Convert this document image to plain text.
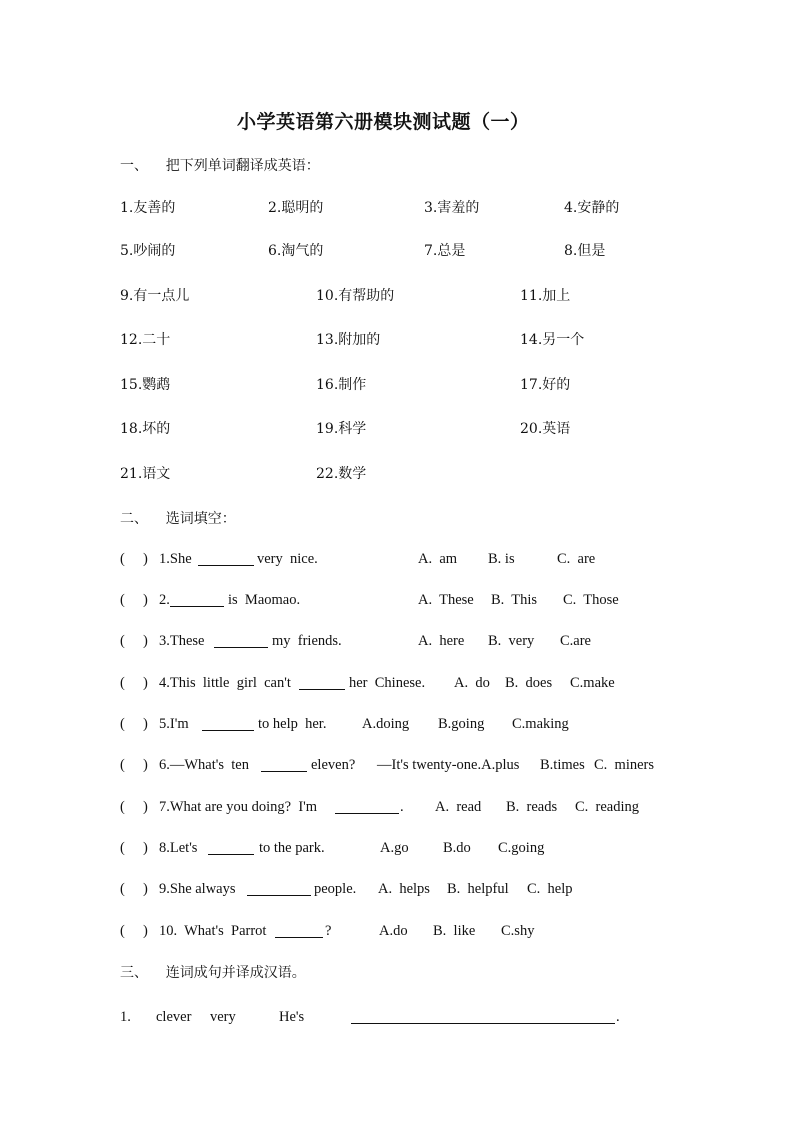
小学英语第六册模块测试题（一）
一、    把下列单词翻译成英语：
1.友善的	2.聪明的	3.害羞的	4.安静的
5.吵闹的	6.淘气的	7.总是	8.但是
9.有一点儿	10.有帮助的	11.加上
12.二十	13.附加的	14.另一个
15.鹦鹉	16.制作	17.好的
18.坏的	19.科学	20.英语
21.语文	22.数学
二、    选词填空：
(     ) 1.She	very  nice.	A.  am B. is	C.  are
(     ) 2.	is  Maomao.	A.  These B.  This C.  Those
(     ) 3.These	my  friends.	A.  here B.  very C.are
(     ) 4.This  little  girl  can't	her  Chinese. A.  do B.  does C.make
(     ) 5.I'm	to help  her. A.doing B.going C.making
(     ) 6.—What's  ten	eleven? —It's twenty-one.A.plus B.times C.  miners
(     ) 7.What are you doing?  I'm	. A.  read B.  reads C.  reading
(     ) 8.Let's	to the park.	A.go B.do C.going
(     ) 9.She always	people. A.  helps B.  helpful C.  help
(     ) 10.  What's  Parrot	?	A.do B.  like C.shy
三、    连词成句并译成汉语。
1. clever very	He's	.
